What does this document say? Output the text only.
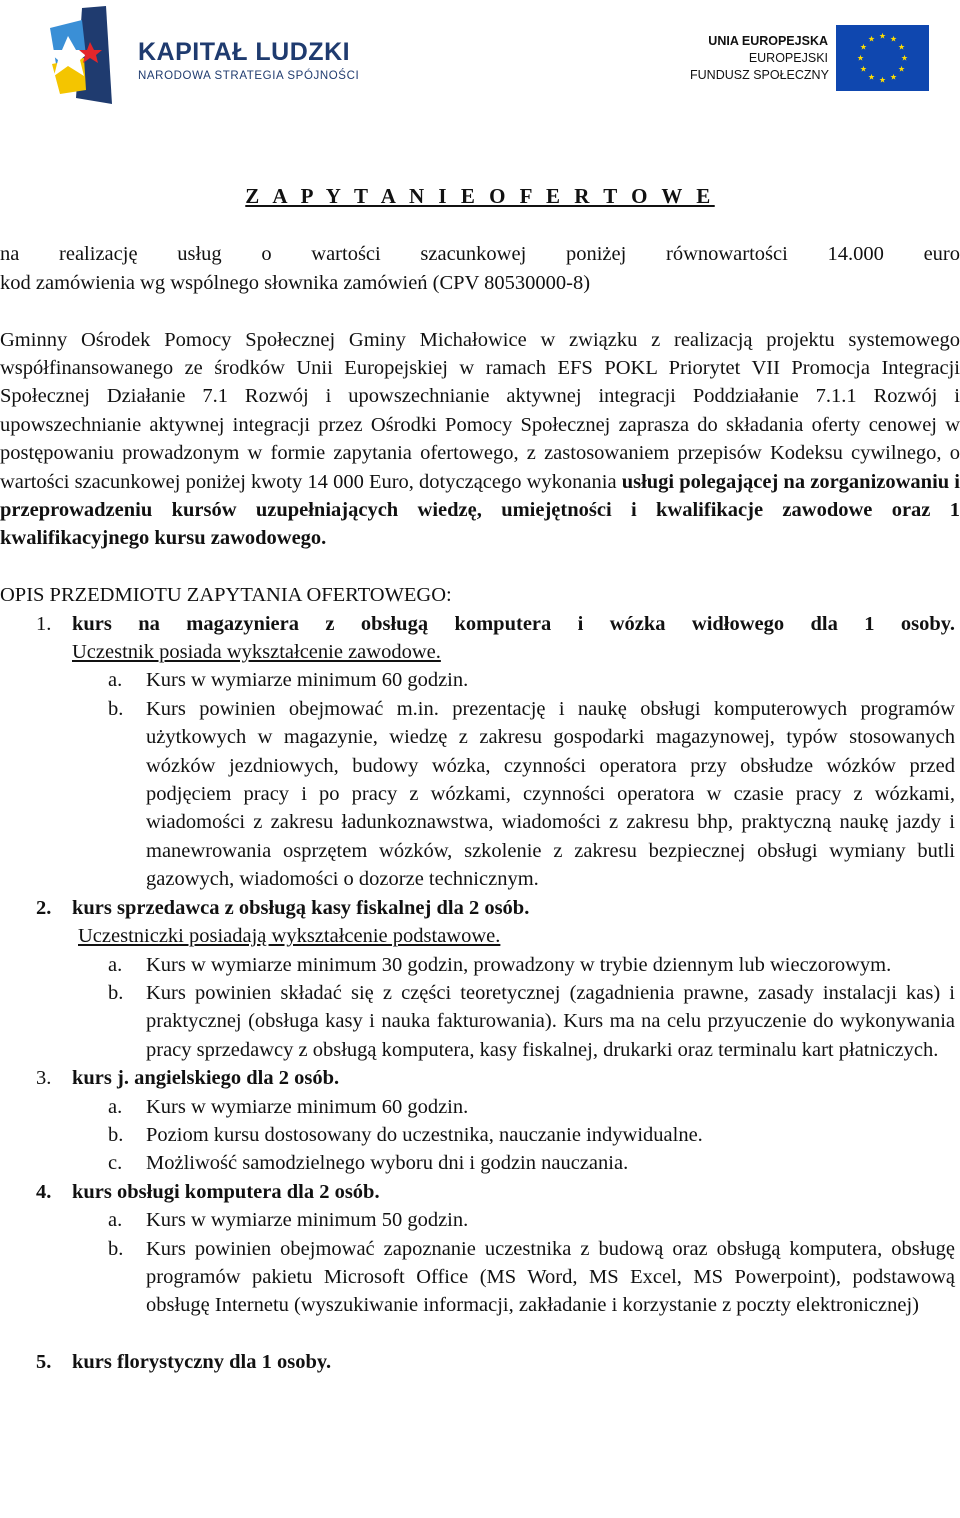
KAPITAŁ LUDZKI
NARODOWA STRATEGIA SPÓJNOŚCI
UNIA EUROPEJSKA
EUROPEJSKI
FUNDUSZ SPOŁECZNY
Z A P Y T A N I E O F E R T O W E

na realizację usług o wartości szacunkowej poniżej równowartości 14.000 euro

kod zamówienia wg wspólnego słownika zamówień (CPV 80530000-8)

Gminny Ośrodek Pomocy Społecznej Gminy Michałowice w związku z realizacją projektu systemowego współfinansowanego ze środków Unii Europejskiej w ramach EFS POKL Priorytet VII Promocja Integracji Społecznej Działanie 7.1 Rozwój i upowszechnianie aktywnej integracji Poddziałanie 7.1.1 Rozwój i upowszechnianie aktywnej integracji przez Ośrodki Pomocy Społecznej zaprasza do składania oferty cenowej w postępowaniu prowadzonym w formie zapytania ofertowego, z zastosowaniem przepisów Kodeksu cywilnego, o wartości szacunkowej poniżej kwoty 14 000 Euro, dotyczącego wykonania usługi polegającej na zorganizowaniu i przeprowadzeniu kursów uzupełniających wiedzę, umiejętności i kwalifikacje zawodowe oraz 1 kwalifikacyjnego kursu zawodowego.

OPIS PRZEDMIOTU ZAPYTANIA OFERTOWEGO:

1.	kurs na magazyniera z obsługą komputera i wózka widłowego dla 1 osoby.
Uczestnik posiada wykształcenie zawodowe.
a.	Kurs w wymiarze minimum 60 godzin.
b.	Kurs powinien obejmować m.in. prezentację i naukę obsługi komputerowych programów użytkowych w magazynie, wiedzę z zakresu gospodarki magazynowej, typów stosowanych wózków jezdniowych, budowy wózka, czynności operatora przy obsłudze wózków przed podjęciem pracy i po pracy z wózkami, czynności operatora w czasie pracy z wózkami, wiadomości z zakresu ładunkoznawstwa, wiadomości z zakresu bhp, praktyczną naukę jazdy i manewrowania osprzętem wózków, szkolenie z zakresu bezpiecznej obsługi wymiany butli gazowych, wiadomości o dozorze technicznym.
2.	kurs sprzedawca z obsługą kasy fiskalnej dla 2 osób.
Uczestniczki posiadają wykształcenie podstawowe.
a.	Kurs w wymiarze minimum 30 godzin, prowadzony w trybie dziennym lub wieczorowym.
b.	Kurs powinien składać się z części teoretycznej (zagadnienia prawne, zasady instalacji kas) i praktycznej (obsługa kasy i nauka fakturowania). Kurs ma na celu przyuczenie do wykonywania pracy sprzedawcy z obsługą komputera, kasy fiskalnej, drukarki oraz terminalu kart płatniczych.
3.	kurs j. angielskiego dla 2 osób.
a.	Kurs w wymiarze minimum 60 godzin.
b.	Poziom kursu dostosowany do uczestnika, nauczanie indywidualne.
c.	Możliwość samodzielnego wyboru dni i godzin nauczania.
4.	kurs obsługi komputera dla 2 osób.
a.	Kurs w wymiarze minimum 50 godzin.
b.	Kurs powinien obejmować zapoznanie uczestnika z budową oraz obsługą komputera, obsługę programów pakietu Microsoft Office (MS Word, MS Excel, MS Powerpoint), podstawową obsługę Internetu (wyszukiwanie informacji, zakładanie i korzystanie z poczty elektronicznej)
5.	kurs florystyczny dla 1 osoby.
